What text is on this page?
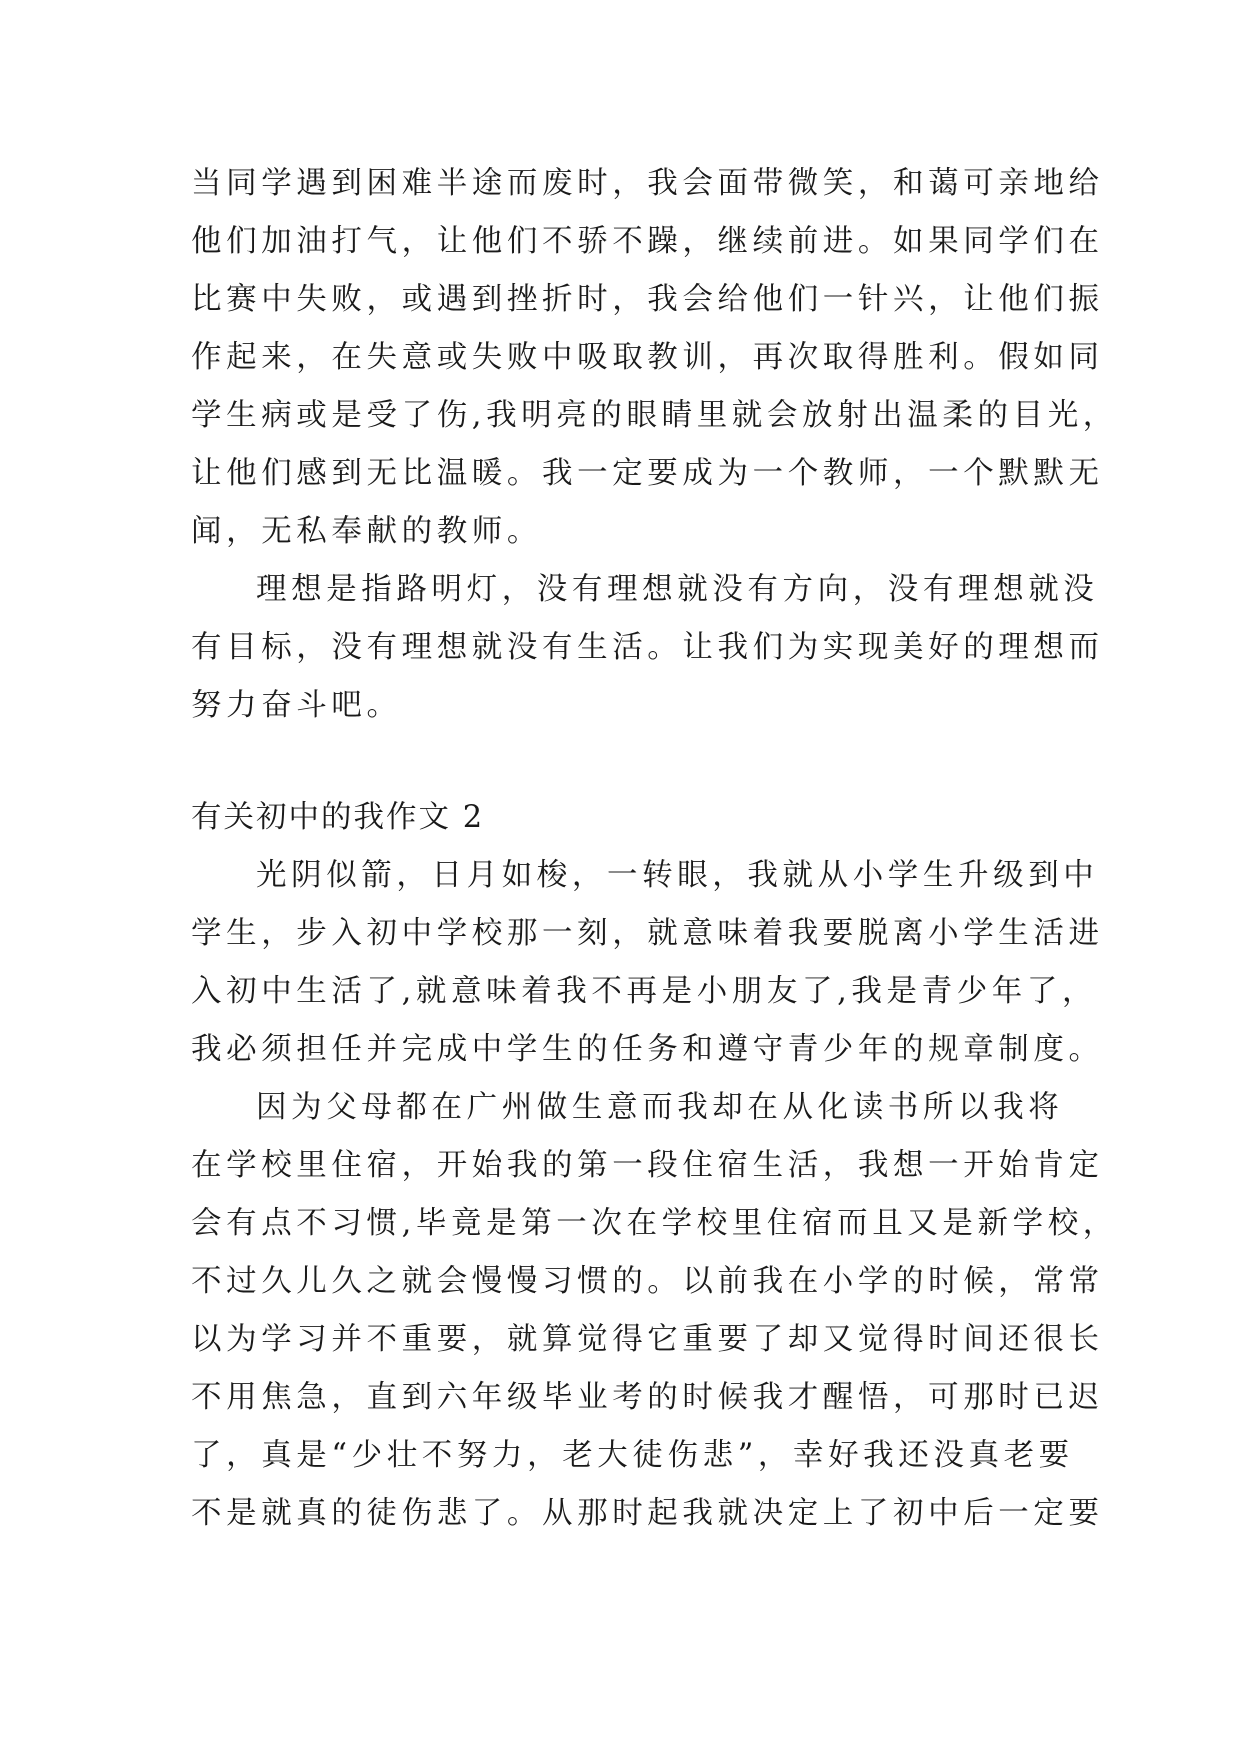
当同学遇到困难半途而废时，我会面带微笑，和蔼可亲地给
他们加油打气，让他们不骄不躁，继续前进。如果同学们在
比赛中失败，或遇到挫折时，我会给他们一针兴，让他们振
作起来，在失意或失败中吸取教训，再次取得胜利。假如同
学生病或是受了伤,我明亮的眼睛里就会放射出温柔的目光，
让他们感到无比温暖。我一定要成为一个教师，一个默默无
闻，无私奉献的教师。
理想是指路明灯，没有理想就没有方向，没有理想就没
有目标，没有理想就没有生活。让我们为实现美好的理想而
努力奋斗吧。
有关初中的我作文 2
光阴似箭，日月如梭，一转眼，我就从小学生升级到中
学生，步入初中学校那一刻，就意味着我要脱离小学生活进
入初中生活了,就意味着我不再是小朋友了,我是青少年了，
我必须担任并完成中学生的任务和遵守青少年的规章制度。
因为父母都在广州做生意而我却在从化读书所以我将
在学校里住宿，开始我的第一段住宿生活，我想一开始肯定
会有点不习惯,毕竟是第一次在学校里住宿而且又是新学校，
不过久儿久之就会慢慢习惯的。以前我在小学的时候，常常
以为学习并不重要，就算觉得它重要了却又觉得时间还很长
不用焦急，直到六年级毕业考的时候我才醒悟，可那时已迟
了，真是“少壮不努力，老大徒伤悲”，幸好我还没真老要
不是就真的徒伤悲了。从那时起我就决定上了初中后一定要
